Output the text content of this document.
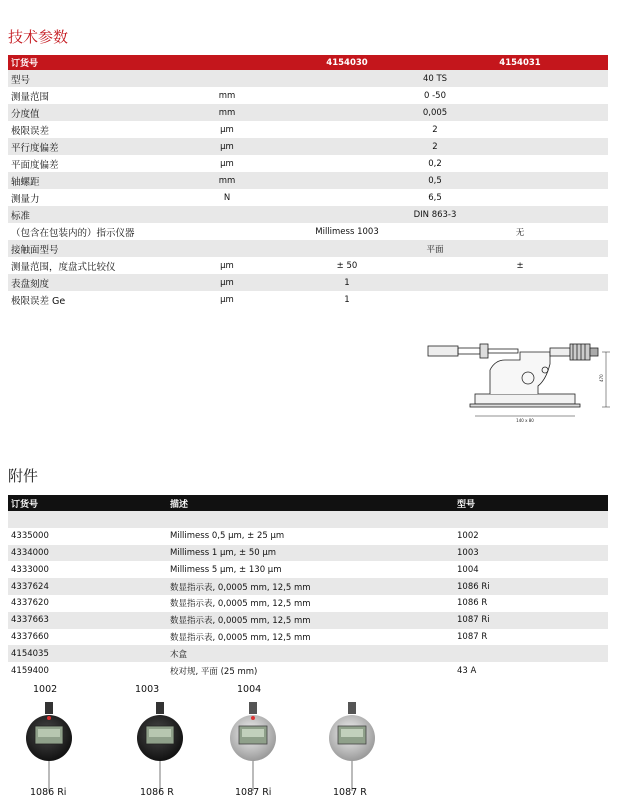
技术参数
订货号	4154030	4154031
型号	40 TS
测量范围	mm	0 -50
分度值	mm	0,005
极限误差	µm	2
平行度偏差	µm	2
平面度偏差	µm	0,2
轴螺距	mm	0,5
测量力	N	6,5
标准	DIN 863-3
（包含在包装内的）指示仪器	Millimess 1003	无
接触面型号	平面
测量范围，度盘式比较仪	µm	± 50	±
表盘刻度	µm	1
极限误差 Ge	µm	1
140 x 80
470
附件
订货号	描述	型号
4335000	Millimess 0,5 µm, ± 25 µm	1002
4334000	Millimess 1 µm, ± 50 µm	1003
4333000	Millimess 5 µm, ± 130 µm	1004
4337624	数显指示表, 0,0005 mm, 12,5 mm	1086 Ri
4337620	数显指示表, 0,0005 mm, 12,5 mm	1086 R
4337663	数显指示表, 0,0005 mm, 12,5 mm	1087 Ri
4337660	数显指示表, 0,0005 mm, 12,5 mm	1087 R
4154035	木盒
4159400	校对规, 平面 (25 mm)	43 A
1002	1003	1004
1086 Ri	1086 R	1087 Ri	1087 R
